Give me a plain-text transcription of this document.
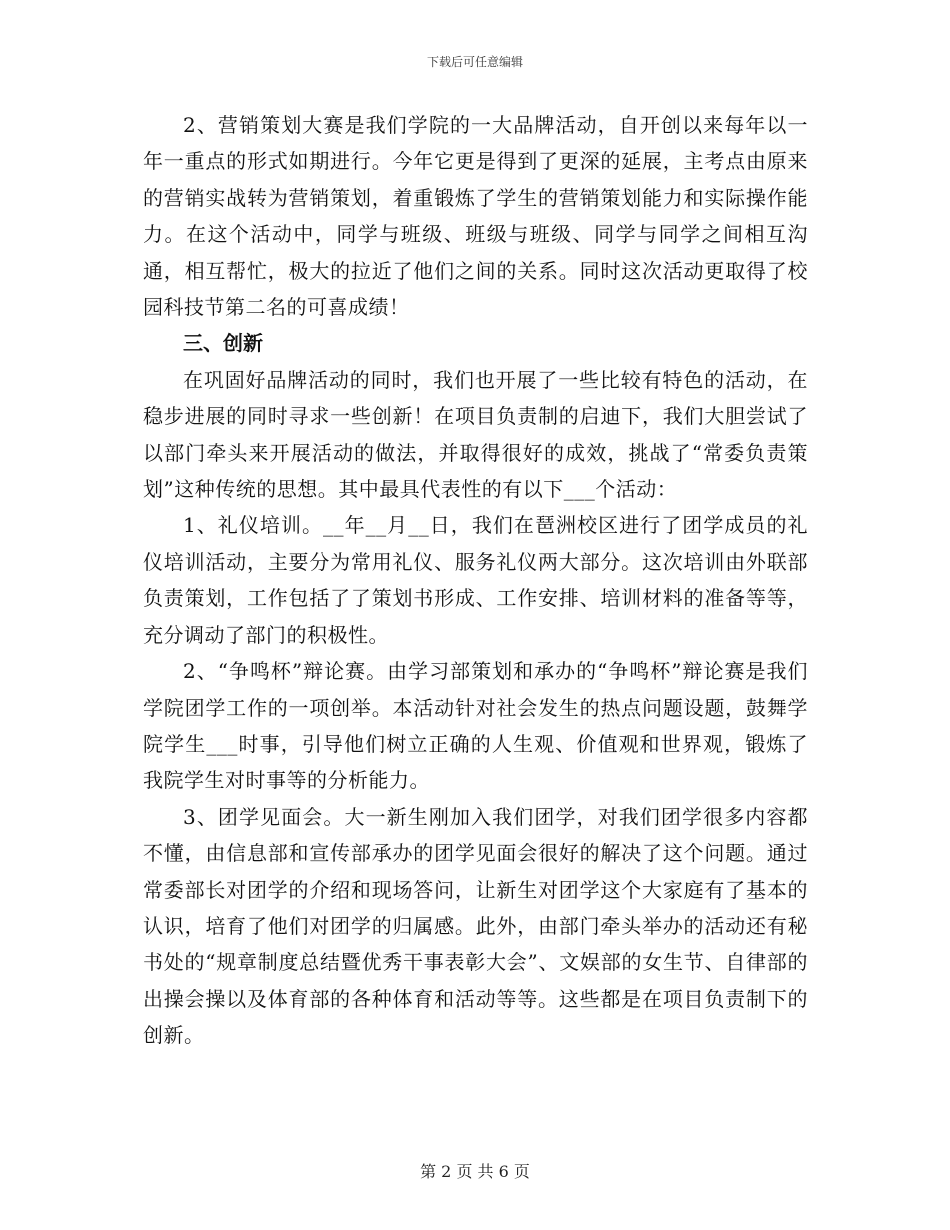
下载后可任意编辑

2、营销策划大赛是我们学院的一大品牌活动，自开创以来每年以一年一重点的形式如期进行。今年它更是得到了更深的延展，主考点由原来的营销实战转为营销策划，着重锻炼了学生的营销策划能力和实际操作能力。在这个活动中，同学与班级、班级与班级、同学与同学之间相互沟通，相互帮忙，极大的拉近了他们之间的关系。同时这次活动更取得了校园科技节第二名的可喜成绩！

三、创新

在巩固好品牌活动的同时，我们也开展了一些比较有特色的活动，在稳步进展的同时寻求一些创新！在项目负责制的启迪下，我们大胆尝试了以部门牵头来开展活动的做法，并取得很好的成效，挑战了“常委负责策划”这种传统的思想。其中最具代表性的有以下___个活动：

1、礼仪培训。__年__月__日，我们在琶洲校区进行了团学成员的礼仪培训活动，主要分为常用礼仪、服务礼仪两大部分。这次培训由外联部负责策划，工作包括了了策划书形成、工作安排、培训材料的准备等等，充分调动了部门的积极性。

2、“争鸣杯”辩论赛。由学习部策划和承办的“争鸣杯”辩论赛是我们学院团学工作的一项创举。本活动针对社会发生的热点问题设题，鼓舞学院学生___时事，引导他们树立正确的人生观、价值观和世界观，锻炼了我院学生对时事等的分析能力。

3、团学见面会。大一新生刚加入我们团学，对我们团学很多内容都不懂，由信息部和宣传部承办的团学见面会很好的解决了这个问题。通过常委部长对团学的介绍和现场答问，让新生对团学这个大家庭有了基本的认识，培育了他们对团学的归属感。此外，由部门牵头举办的活动还有秘书处的“规章制度总结暨优秀干事表彰大会”、文娱部的女生节、自律部的出操会操以及体育部的各种体育和活动等等。这些都是在项目负责制下的创新。

第 2 页 共 6 页
